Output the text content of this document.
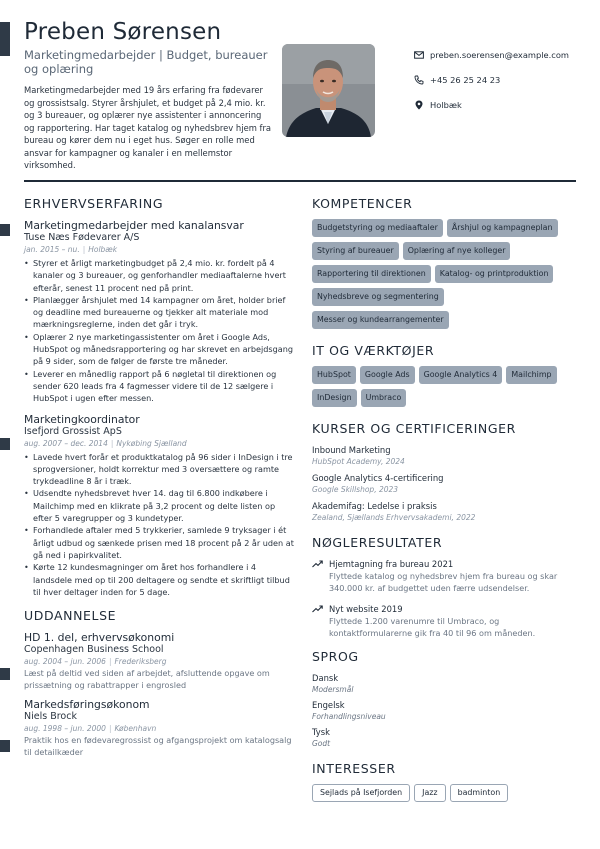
Preben Sørensen
Marketingmedarbejder | Budget, bureauer og oplæring
Marketingmedarbejder med 19 års erfaring fra fødevarer og grossistsalg. Styrer årshjulet, et budget på 2,4 mio. kr. og 3 bureauer, og oplærer nye assistenter i annoncering og rapportering. Har taget katalog og nyhedsbrev hjem fra bureau og kører dem nu i eget hus. Søger en rolle med ansvar for kampagner og kanaler i en mellemstor virksomhed.
preben.soerensen@example.com
+45 26 25 24 23
Holbæk
ERHVERVSERFARING
Marketingmedarbejder med kanalansvar
Tuse Næs Fødevarer A/S
jan. 2015 – nu. | Holbæk
• Styrer et årligt marketingbudget på 2,4 mio. kr. fordelt på 4 kanaler og 3 bureauer, og genforhandler mediaaftalerne hvert efterår, senest 11 procent ned på print.
• Planlægger årshjulet med 14 kampagner om året, holder brief og deadline med bureauerne og tjekker alt materiale mod mærkningsreglerne, inden det går i tryk.
• Oplærer 2 nye marketingassistenter om året i Google Ads, HubSpot og månedsrapportering og har skrevet en arbejdsgang på 9 sider, som de følger de første tre måneder.
• Leverer en månedlig rapport på 6 nøgletal til direktionen og sender 620 leads fra 4 fagmesser videre til de 12 sælgere i HubSpot i ugen efter messen.
Marketingkoordinator
Isefjord Grossist ApS
aug. 2007 – dec. 2014 | Nykøbing Sjælland
• Lavede hvert forår et produktkatalog på 96 sider i InDesign i tre sprogversioner, holdt korrektur med 3 oversættere og ramte trykdeadline 8 år i træk.
• Udsendte nyhedsbrevet hver 14. dag til 6.800 indkøbere i Mailchimp med en klikrate på 3,2 procent og delte listen op efter 5 varegrupper og 3 kundetyper.
• Forhandlede aftaler med 5 trykkerier, samlede 9 tryksager i ét årligt udbud og sænkede prisen med 18 procent på 2 år uden at gå ned i papirkvalitet.
• Kørte 12 kundesmagninger om året hos forhandlere i 4 landsdele med op til 200 deltagere og sendte et skriftligt tilbud til hver deltager inden for 5 dage.
UDDANNELSE
HD 1. del, erhvervsøkonomi
Copenhagen Business School
aug. 2004 – jun. 2006 | Frederiksberg
Læst på deltid ved siden af arbejdet, afsluttende opgave om prissætning og rabattrapper i engrosled
Markedsføringsøkonom
Niels Brock
aug. 1998 – jun. 2000 | København
Praktik hos en fødevaregrossist og afgangsprojekt om katalogsalg til detailkæder
KOMPETENCER
Budgetstyring og mediaaftaler	Årshjul og kampagneplan
Styring af bureauer	Oplæring af nye kolleger
Rapportering til direktionen	Katalog- og printproduktion
Nyhedsbreve og segmentering
Messer og kundearrangementer
IT OG VÆRKTØJER
HubSpot	Google Ads	Google Analytics 4	Mailchimp
InDesign	Umbraco
KURSER OG CERTIFICERINGER
Inbound Marketing
HubSpot Academy, 2024
Google Analytics 4-certificering
Google Skillshop, 2023
Akademifag: Ledelse i praksis
Zealand, Sjællands Erhvervsakademi, 2022
NØGLERESULTATER
Hjemtagning fra bureau 2021
Flyttede katalog og nyhedsbrev hjem fra bureau og skar 340.000 kr. af budgettet uden færre udsendelser.
Nyt website 2019
Flyttede 1.200 varenumre til Umbraco, og kontaktformularerne gik fra 40 til 96 om måneden.
SPROG
Dansk
Modersmål
Engelsk
Forhandlingsniveau
Tysk
Godt
INTERESSER
Sejlads på Isefjorden	Jazz	badminton
